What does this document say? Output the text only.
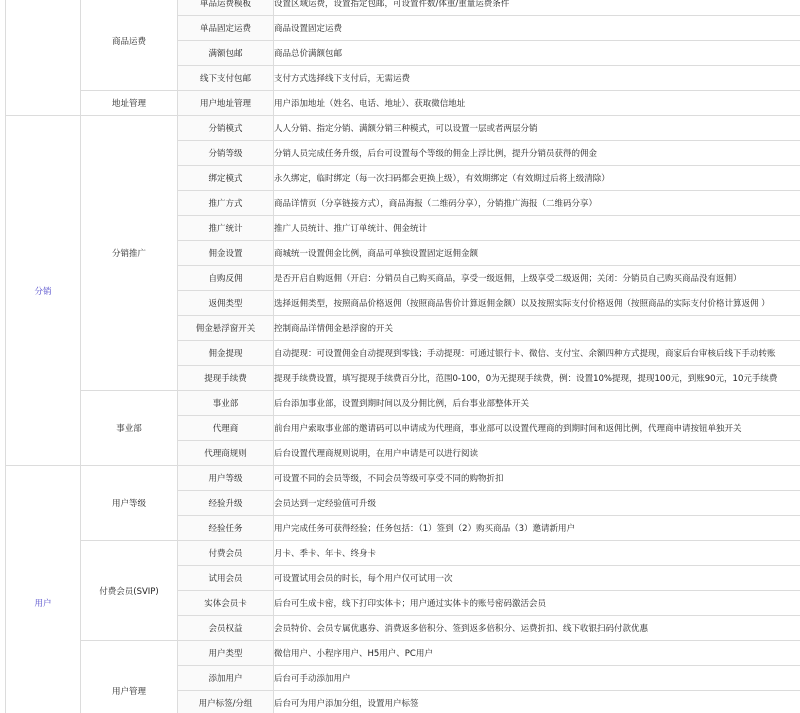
	商品运费	单品运费模板	设置区域运费，设置指定包邮，可设置件数/体重/重量运费条件
		单品固定运费	商品设置固定运费
		满额包邮	商品总价满额包邮
		线下支付包邮	支付方式选择线下支付后，无需运费
	地址管理	用户地址管理	用户添加地址（姓名、电话、地址）、获取微信地址
分销	分销推广	分销模式	人人分销、指定分销、满额分销三种模式，可以设置一层或者两层分销
		分销等级	分销人员完成任务升级，后台可设置每个等级的佣金上浮比例，提升分销员获得的佣金
		绑定模式	永久绑定，临时绑定（每一次扫码都会更换上级），有效期绑定（有效期过后将上级清除）
		推广方式	商品详情页（分享链接方式），商品海报（二维码分享），分销推广海报（二维码分享）
		推广统计	推广人员统计、推广订单统计、佣金统计
		佣金设置	商城统一设置佣金比例，商品可单独设置固定返佣金额
		自购反佣	是否开启自购返佣（开启：分销员自己购买商品，享受一级返佣，上级享受二级返佣；关闭：分销员自己购买商品没有返佣）
		返佣类型	选择返佣类型，按照商品价格返佣（按照商品售价计算返佣金额）以及按照实际支付价格返佣（按照商品的实际支付价格计算返佣 ）
		佣金悬浮窗开关	控制商品详情佣金悬浮窗的开关
		佣金提现	自动提现：可设置佣金自动提现到零钱；手动提现：可通过银行卡、微信、支付宝、余额四种方式提现，商家后台审核后线下手动转账
		提现手续费	提现手续费设置，填写提现手续费百分比，范围0-100，0为无提现手续费，例：设置10%提现，提现100元，到账90元，10元手续费
	事业部	事业部	后台添加事业部，设置到期时间以及分佣比例，后台事业部整体开关
		代理商	前台用户索取事业部的邀请码可以申请成为代理商，事业部可以设置代理商的到期时间和返佣比例，代理商申请按钮单独开关
		代理商规则	后台设置代理商规则说明，在用户申请是可以进行阅读
用户	用户等级	用户等级	可设置不同的会员等级，不同会员等级可享受不同的购物折扣
		经验升级	会员达到一定经验值可升级
		经验任务	用户完成任务可获得经验；任务包括：（1）签到（2）购买商品（3）邀请新用户
	付费会员(SVIP)	付费会员	月卡、季卡、年卡、终身卡
		试用会员	可设置试用会员的时长，每个用户仅可试用一次
		实体会员卡	后台可生成卡密，线下打印实体卡；用户通过实体卡的账号密码激活会员
		会员权益	会员特价、会员专属优惠券、消费返多倍积分、签到返多倍积分、运费折扣、线下收银扫码付款优惠
	用户管理	用户类型	微信用户、小程序用户、H5用户、PC用户
		添加用户	后台可手动添加用户
		用户标签/分组	后台可为用户添加分组，设置用户标签
